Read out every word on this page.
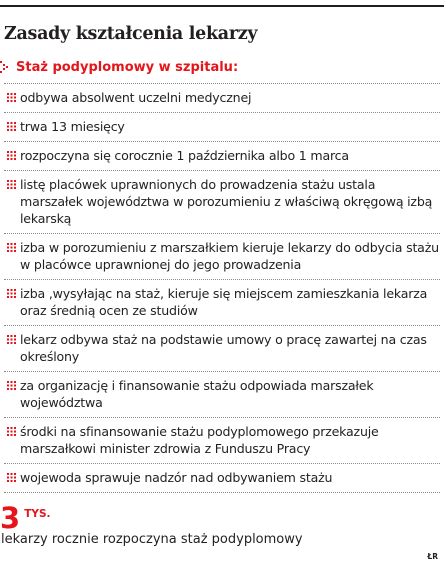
Zasady kształcenia lekarzy
Staż podyplomowy w szpitalu:
odbywa absolwent uczelni medycznej
trwa 13 miesięcy
rozpoczyna się corocznie 1 października albo 1 marca
listę placówek uprawnionych do prowadzenia stażu ustala marszałek województwa w porozumieniu z właściwą okręgową izbą lekarską
izba w porozumieniu z marszałkiem kieruje lekarzy do odbycia stażu w placówce uprawnionej do jego prowadzenia
izba ,wysyłając na staż, kieruje się miejscem zamieszkania lekarza oraz średnią ocen ze studiów
lekarz odbywa staż na podstawie umowy o pracę zawartej na czas określony
za organizację i finansowanie stażu odpowiada marszałek województwa
środki na sfinansowanie stażu podyplomowego przekazuje marszałkowi minister zdrowia z Funduszu Pracy
wojewoda sprawuje nadzór nad odbywaniem stażu
3 TYS.
lekarzy rocznie rozpoczyna staż podyplomowy
ŁR
